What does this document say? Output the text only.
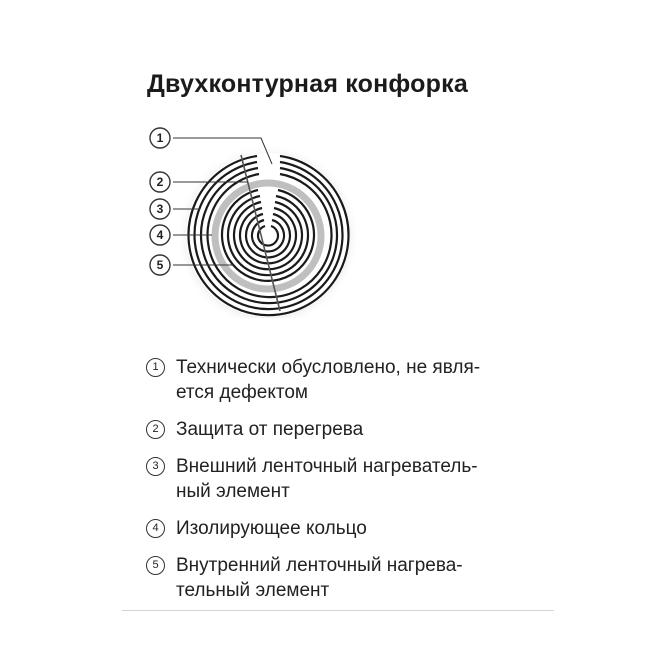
Двухконтурная конфорка
1
2
3
4
5
1 Технически обусловлено, не явля-
ется дефектом
2 Защита от перегрева
3 Внешний ленточный нагреватель-
ный элемент
4 Изолирующее кольцо
5 Внутренний ленточный нагрева-
тельный элемент
